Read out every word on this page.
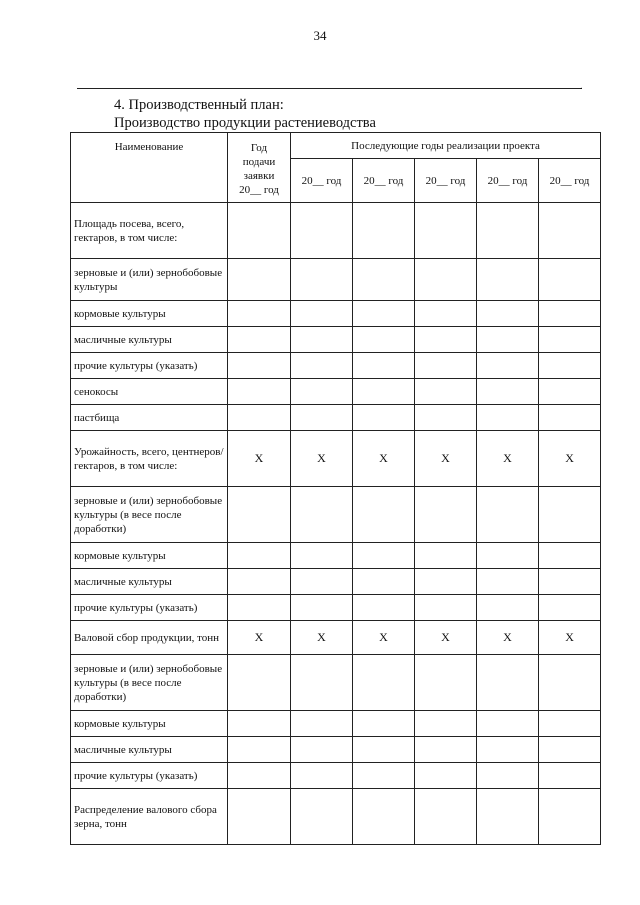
34
.
4. Производственный план:
Производство продукции растениеводства
Наименование	Год
подачи
заявки
20__ год	Последующие годы реализации проекта				
		20__ год	20__ год	20__ год	20__ год	20__ год
Площадь посева, всего, гектаров, в том числе:						
зерновые и (или) зернобобовые культуры						
кормовые культуры						
масличные культуры						
прочие культуры (указать)						
сенокосы						
пастбища						
Урожайность, всего, центнеров/гектаров, в том числе:	Х	Х	Х	Х	Х	Х
зерновые и (или) зернобобовые культуры (в весе после доработки)						
кормовые культуры						
масличные культуры						
прочие культуры (указать)						
Валовой сбор продукции, тонн	Х	Х	Х	Х	Х	Х
зерновые и (или) зернобобовые культуры (в весе после доработки)						
кормовые культуры						
масличные культуры						
прочие культуры (указать)						
Распределение валового сбора зерна, тонн						
